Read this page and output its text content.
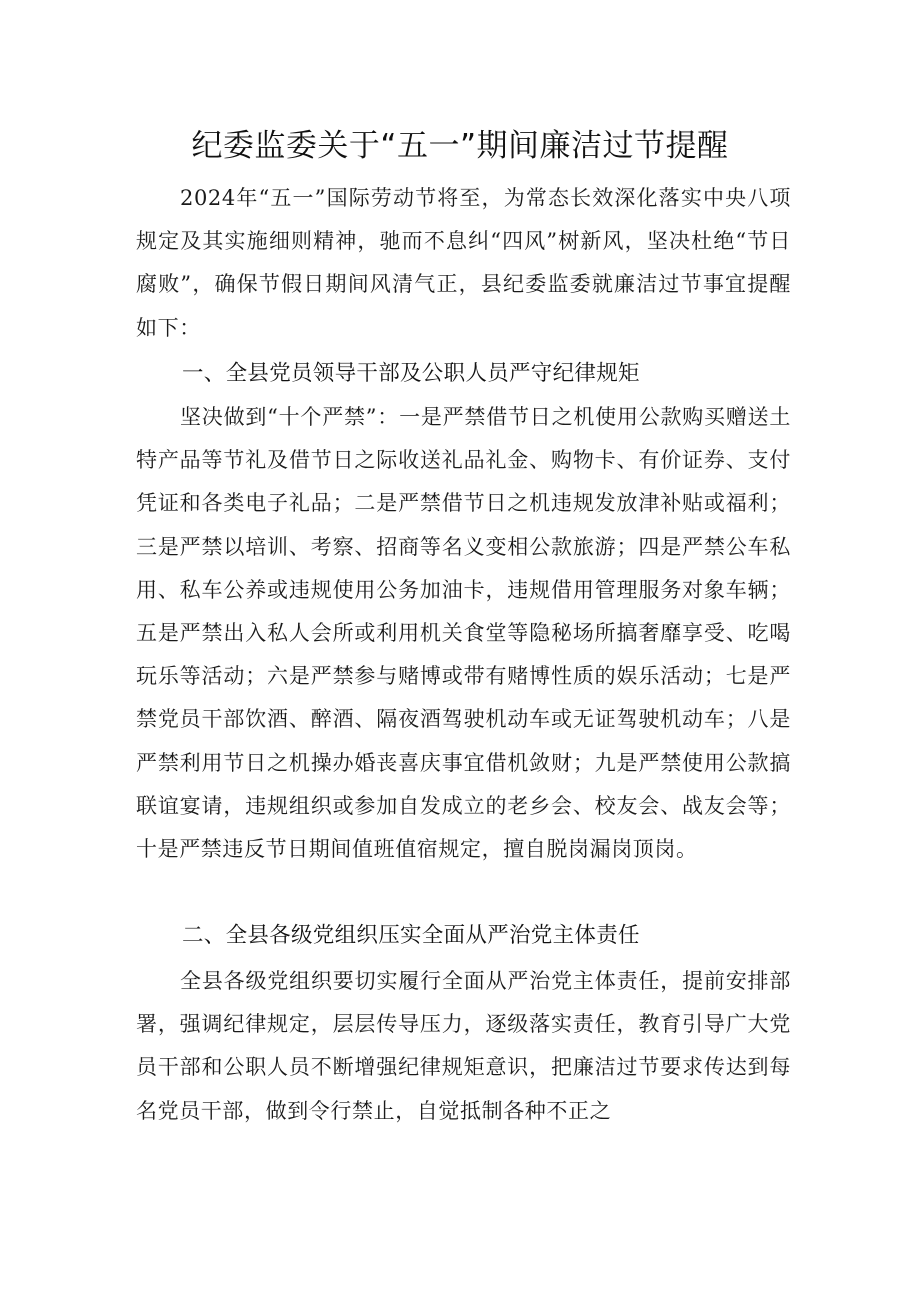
纪委监委关于“五一”期间廉洁过节提醒

2024年“五一”国际劳动节将至，为常态长效深化落实中央八项规定及其实施细则精神，驰而不息纠“四风”树新风，坚决杜绝“节日腐败”，确保节假日期间风清气正，县纪委监委就廉洁过节事宜提醒如下：

一、全县党员领导干部及公职人员严守纪律规矩

坚决做到“十个严禁”：一是严禁借节日之机使用公款购买赠送土特产品等节礼及借节日之际收送礼品礼金、购物卡、有价证券、支付凭证和各类电子礼品；二是严禁借节日之机违规发放津补贴或福利；三是严禁以培训、考察、招商等名义变相公款旅游；四是严禁公车私用、私车公养或违规使用公务加油卡，违规借用管理服务对象车辆；五是严禁出入私人会所或利用机关食堂等隐秘场所搞奢靡享受、吃喝玩乐等活动；六是严禁参与赌博或带有赌博性质的娱乐活动；七是严禁党员干部饮酒、醉酒、隔夜酒驾驶机动车或无证驾驶机动车；八是严禁利用节日之机操办婚丧喜庆事宜借机敛财；九是严禁使用公款搞联谊宴请，违规组织或参加自发成立的老乡会、校友会、战友会等；十是严禁违反节日期间值班值宿规定，擅自脱岗漏岗顶岗。

二、全县各级党组织压实全面从严治党主体责任

全县各级党组织要切实履行全面从严治党主体责任，提前安排部署，强调纪律规定，层层传导压力，逐级落实责任，教育引导广大党员干部和公职人员不断增强纪律规矩意识，把廉洁过节要求传达到每名党员干部，做到令行禁止，自觉抵制各种不正之
